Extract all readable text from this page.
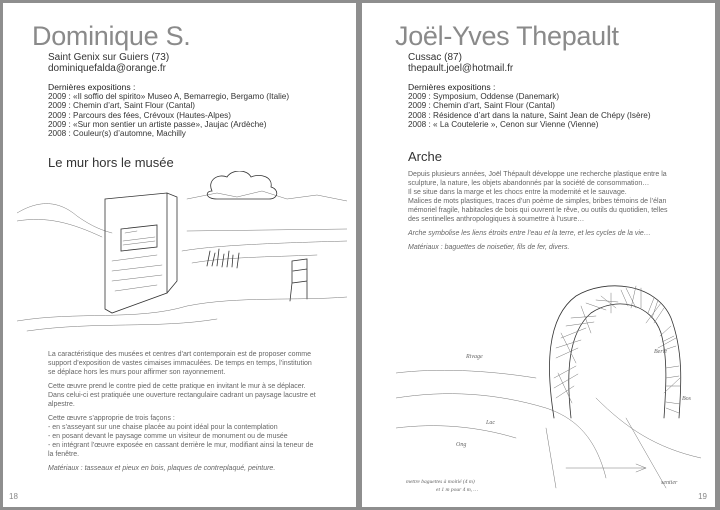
Dominique S.
Saint Genix sur Guiers (73)
dominiquefalda@orange.fr
Dernières expositions :
2009 : «Il soffio del spirito» Museo A, Bemarregio, Bergamo (Italie)
2009 : Chemin d’art, Saint Flour (Cantal)
2009 : Parcours des fées, Crévoux (Hautes-Alpes)
2009 : «Sur mon sentier un artiste passe», Jaujac (Ardèche)
2008 : Couleur(s) d’automne, Machilly
Le mur hors le musée

La caractéristique des musées et centres d’art contemporain est de proposer comme support d’exposition de vastes cimaises immaculées. De temps en temps, l’institution se déplace hors les murs pour affirmer son rayonnement.

Cette œuvre prend le contre pied de cette pratique en invitant le mur à se déplacer. Dans celui-ci est pratiquée une ouverture rectangulaire cadrant un paysage lacustre et alpestre.

Cette œuvre s’approprie de trois façons :

- en s’asseyant sur une chaise placée au point idéal pour la contemplation
- en posant devant le paysage comme un visiteur de monument ou de musée
- en intégrant l’œuvre exposée en cassant derrière le mur, modifiant ainsi la teneur de la fenêtre.

Matériaux : tasseaux et pieux en bois, plaques de contreplaqué, peinture.

18
Joël-Yves Thepault
Cussac (87)
thepault.joel@hotmail.fr
Dernières expositions :
2009 : Symposium, Oddense (Danemark)
2009 : Chemin d’art, Saint Flour (Cantal)
2008 : Résidence d’art dans la nature, Saint Jean de Chépy (Isère)
2008 : « La Couteleriе », Cenon sur Vienne (Vienne)
Arche

Depuis plusieurs années, Joël Thépault développe une recherche plastique entre la sculpture, la nature, les objets abandonnés par la société de consommation…

Il se situe dans la marge et les chocs entre la modernité et le sauvage.

Malices de mots plastiques, traces d’un poème de simples, bribes témoins de l’élan mémoriel fragile, habitacles de bois qui ouvrent le rêve, ou outils du quotidien, telles des sentinelles anthropologiques à soumettre à l’usure…

Arche symbolise les liens étroits entre l’eau et la terre, et les cycles de la vie…

Matériaux : baguettes de noisetier, fils de fer, divers.

Rivage
Berle
Lac
Bos
Ong
sentier
mettre baguettes à moitié (4 m)
et 1 m pour 4 m, …
19
